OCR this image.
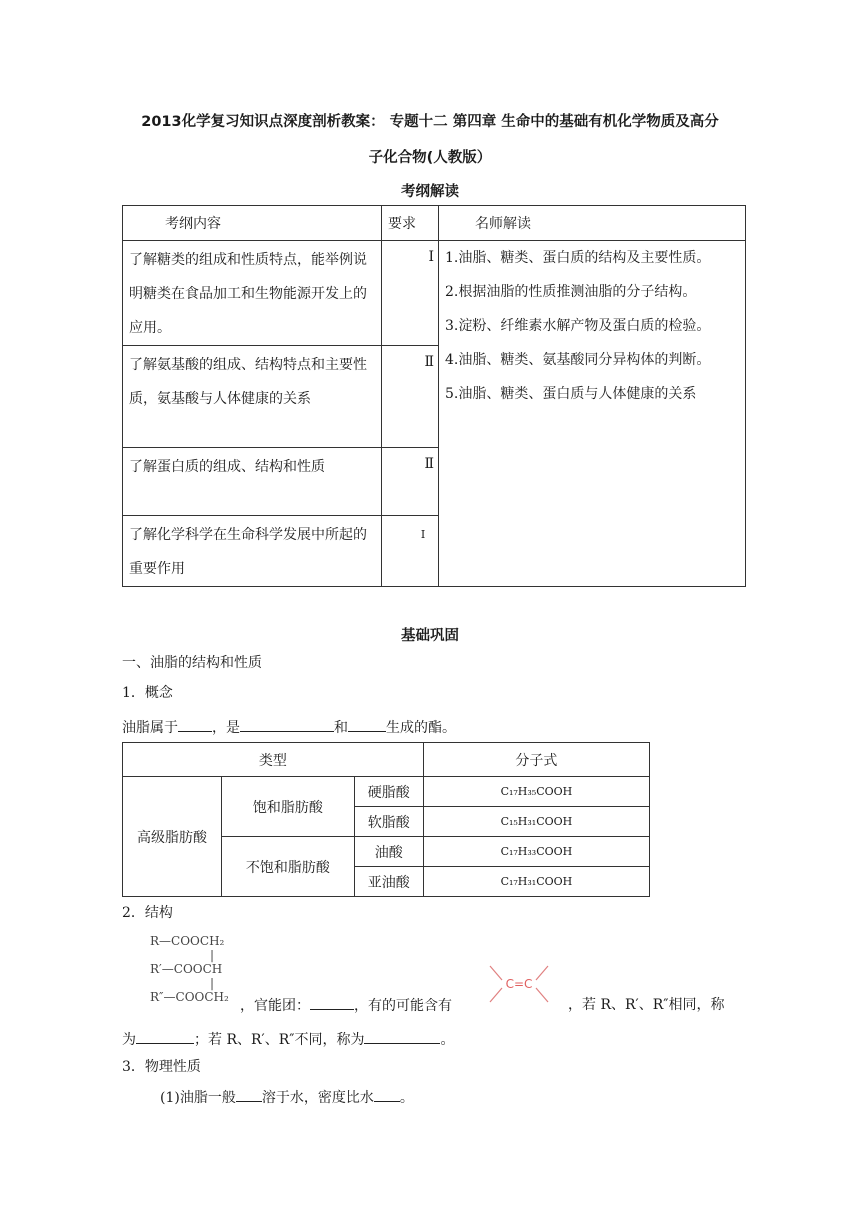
2013化学复习知识点深度剖析教案： 专题十二 第四章 生命中的基础有机化学物质及高分
子化合物(人教版）
考纲解读
考纲内容	要求	名师解读
了解糖类的组成和性质特点，能举例说明糖类在食品加工和生物能源开发上的应用。	Ⅰ	1.油脂、糖类、蛋白质的结构及主要性质。
2.根据油脂的性质推测油脂的分子结构。
3.淀粉、纤维素水解产物及蛋白质的检验。
4.油脂、糖类、氨基酸同分异构体的判断。
5.油脂、糖类、蛋白质与人体健康的关系

了解氨基酸的组成、结构特点和主要性质，氨基酸与人体健康的关系	Ⅱ	
了解蛋白质的组成、结构和性质	Ⅱ	
了解化学科学在生命科学发展中所起的重要作用	Ⅰ	
基础巩固
一、油脂的结构和性质
1．概念
油脂属于 ，是	和	生成的酯。
类型			分子式
高级脂肪酸	饱和脂肪酸	硬脂酸	C₁₇H₃₅COOH
		软脂酸	C₁₅H₃₁COOH
	不饱和脂肪酸	油酸	C₁₇H₃₃COOH
		亚油酸	C₁₇H₃₁COOH
2．结构
R—COOCH₂
|
R′—COOCH
|
R″—COOCH₂
C=C
，官能团：	，有的可能含有	，若 R、R′、R″相同，称
为	；若 R、R′、R″不同，称为	。
3．物理性质
(1)油脂一般 溶于水，密度比水 。
